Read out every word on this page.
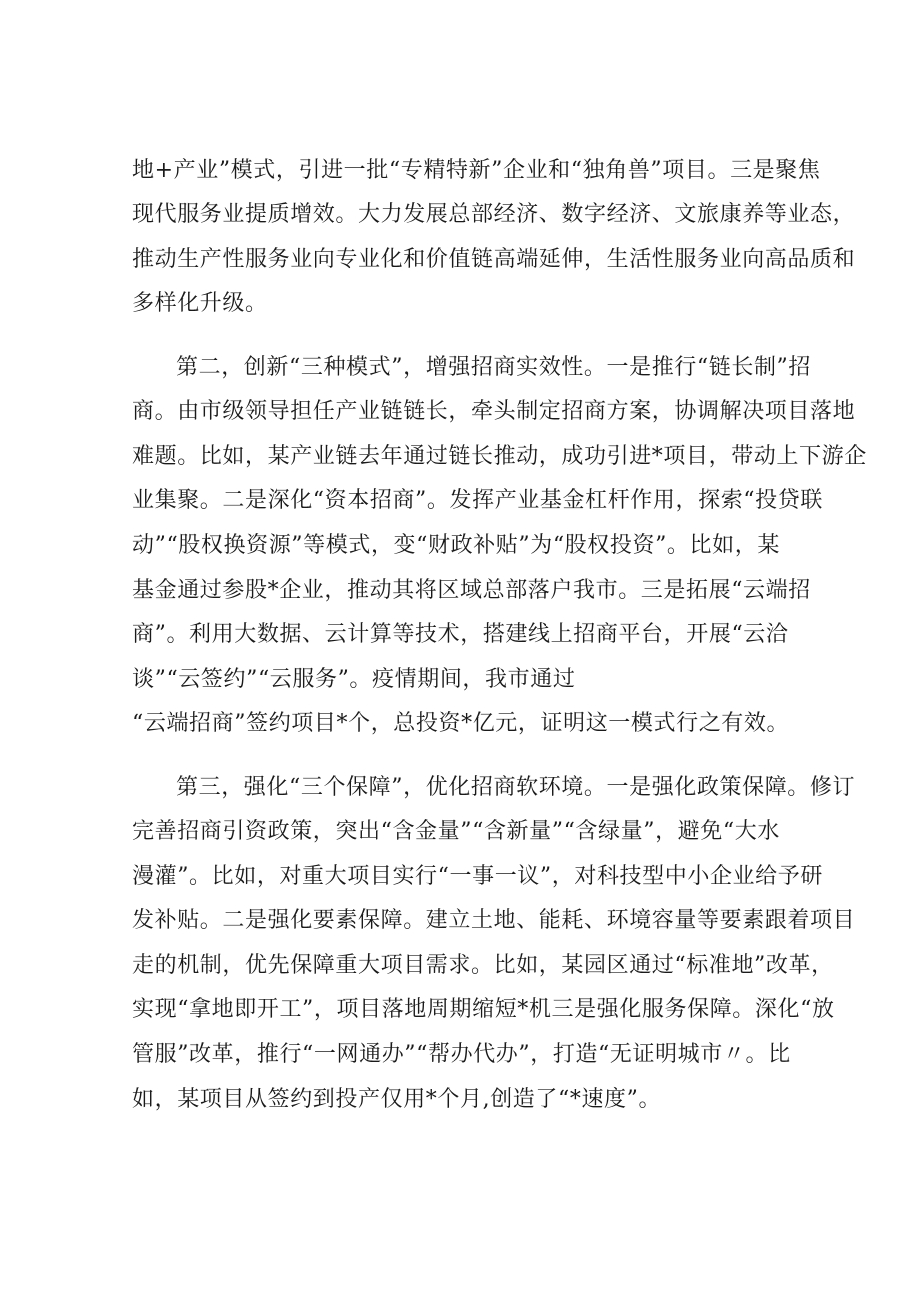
地+产业”模式，引进一批“专精特新”企业和“独角兽”项目。三是聚焦
现代服务业提质增效。大力发展总部经济、数字经济、文旅康养等业态，
推动生产性服务业向专业化和价值链高端延伸，生活性服务业向高品质和
多样化升级。
第二，创新“三种模式”，增强招商实效性。一是推行“链长制”招
商。由市级领导担任产业链链长，牵头制定招商方案，协调解决项目落地
难题。比如，某产业链去年通过链长推动，成功引进*项目，带动上下游企
业集聚。二是深化“资本招商”。发挥产业基金杠杆作用，探索“投贷联
动”“股权换资源”等模式，变“财政补贴”为“股权投资”。比如，某
基金通过参股*企业，推动其将区域总部落户我市。三是拓展“云端招
商”。利用大数据、云计算等技术，搭建线上招商平台，开展“云洽
谈”“云签约”“云服务”。疫情期间，我市通过
“云端招商”签约项目*个，总投资*亿元，证明这一模式行之有效。
第三，强化“三个保障”，优化招商软环境。一是强化政策保障。修订
完善招商引资政策，突出“含金量”“含新量”“含绿量”，避免“大水
漫灌”。比如，对重大项目实行“一事一议”，对科技型中小企业给予研
发补贴。二是强化要素保障。建立土地、能耗、环境容量等要素跟着项目
走的机制，优先保障重大项目需求。比如，某园区通过“标准地”改革，
实现“拿地即开工”，项目落地周期缩短*机三是强化服务保障。深化“放
管服”改革，推行“一网通办”“帮办代办”，打造“无证明城市〃。比
如，某项目从签约到投产仅用*个月,创造了“*速度”。
